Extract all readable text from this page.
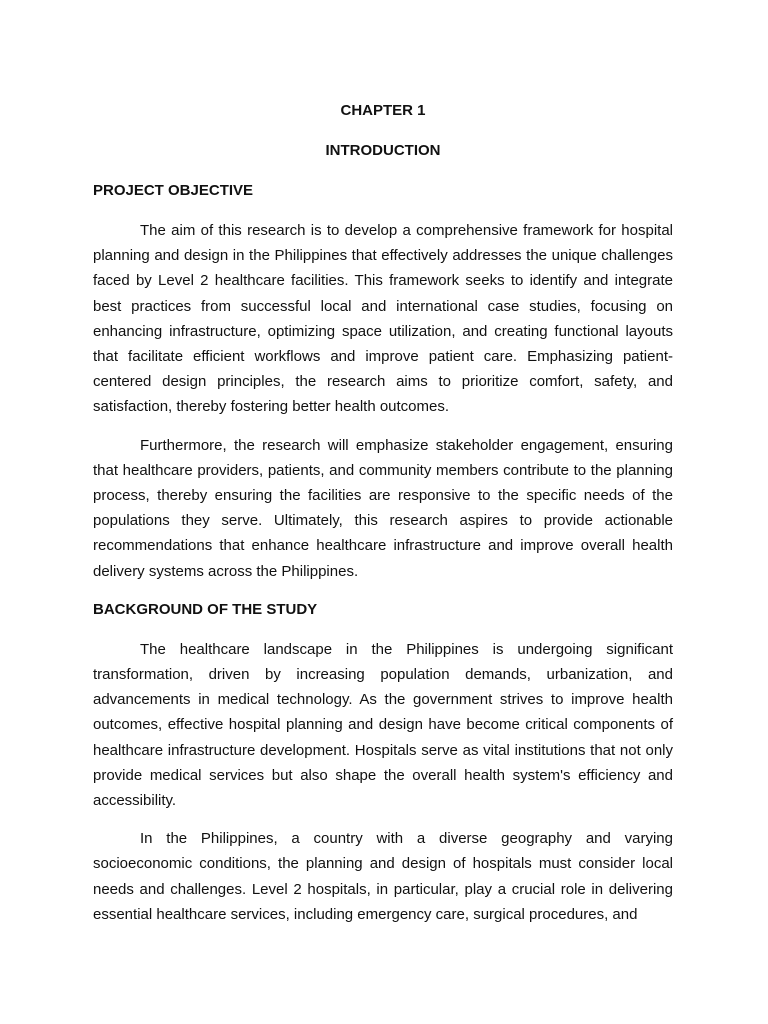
CHAPTER 1
INTRODUCTION
PROJECT OBJECTIVE

The aim of this research is to develop a comprehensive framework for hospital planning and design in the Philippines that effectively addresses the unique challenges faced by Level 2 healthcare facilities. This framework seeks to identify and integrate best practices from successful local and international case studies, focusing on enhancing infrastructure, optimizing space utilization, and creating functional layouts that facilitate efficient workflows and improve patient care. Emphasizing patient-centered design principles, the research aims to prioritize comfort, safety, and satisfaction, thereby fostering better health outcomes.

Furthermore, the research will emphasize stakeholder engagement, ensuring that healthcare providers, patients, and community members contribute to the planning process, thereby ensuring the facilities are responsive to the specific needs of the populations they serve. Ultimately, this research aspires to provide actionable recommendations that enhance healthcare infrastructure and improve overall health delivery systems across the Philippines.

BACKGROUND OF THE STUDY

The healthcare landscape in the Philippines is undergoing significant transformation, driven by increasing population demands, urbanization, and advancements in medical technology. As the government strives to improve health outcomes, effective hospital planning and design have become critical components of healthcare infrastructure development. Hospitals serve as vital institutions that not only provide medical services but also shape the overall health system's efficiency and accessibility.

In the Philippines, a country with a diverse geography and varying socioeconomic conditions, the planning and design of hospitals must consider local needs and challenges. Level 2 hospitals, in particular, play a crucial role in delivering essential healthcare services, including emergency care, surgical procedures, and
